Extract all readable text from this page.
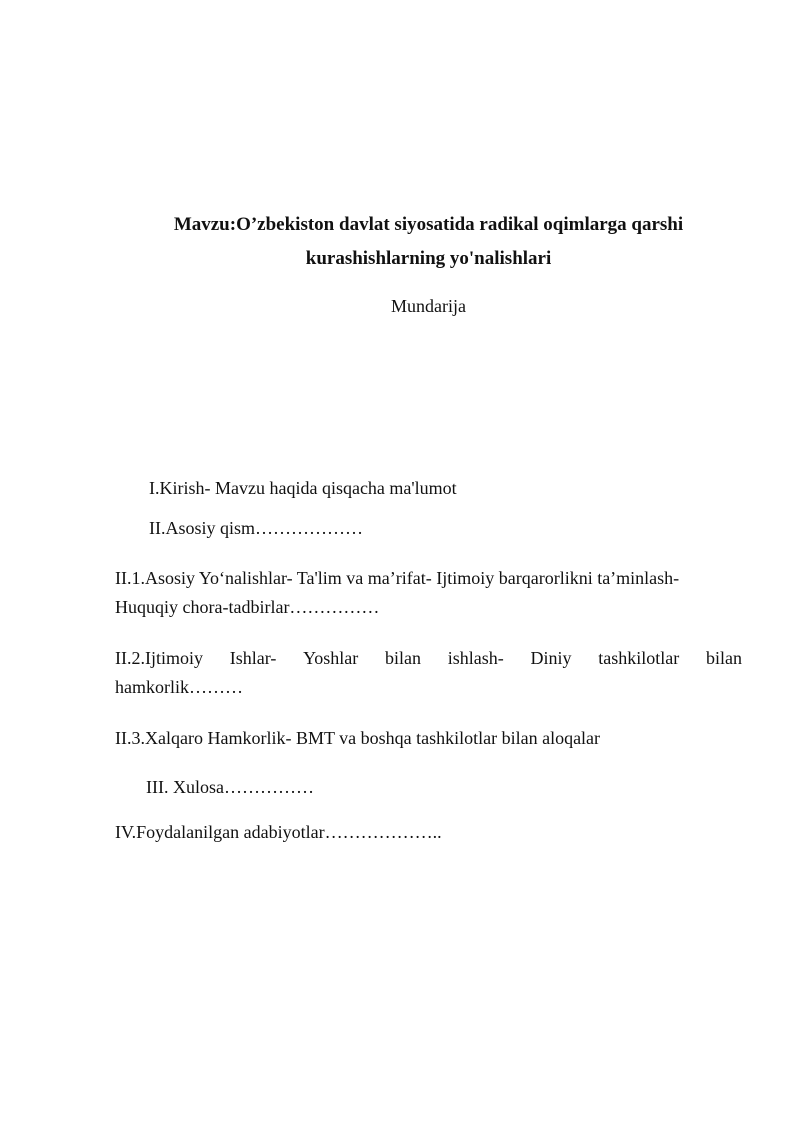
Mavzu:O’zbekiston davlat siyosatida radikal oqimlarga qarshi
kurashishlarning yo'nalishlari

Mundarija

I.Kirish- Mavzu haqida qisqacha ma'lumot
II.Asosiy qism………………
II.1.Asosiy Yo‘nalishlar- Ta'lim va ma’rifat- Ijtimoiy barqarorlikni ta’minlash-
Huquqiy chora-tadbirlar……………
II.2.Ijtimoiy Ishlar- Yoshlar bilan ishlash- Diniy tashkilotlar bilan
hamkorlik………
II.3.Xalqaro Hamkorlik- BMT va boshqa tashkilotlar bilan aloqalar
III. Xulosa……………
IV.Foydalanilgan adabiyotlar………………..
